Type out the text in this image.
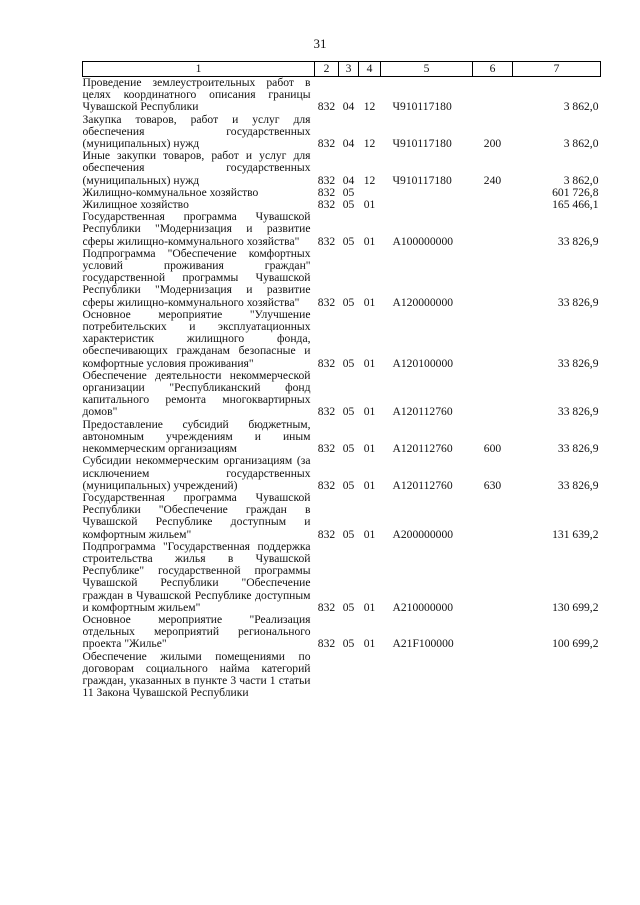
31
1	2	3	4	5	6	7
Проведение землеустроительных работ в целях координатного описания границы Чувашской Республики	832	04	12	Ч910117180		3 862,0
Закупка товаров, работ и услуг для обеспечения государственных (муниципальных) нужд	832	04	12	Ч910117180	200	3 862,0
Иные закупки товаров, работ и услуг для обеспечения государственных (муниципальных) нужд	832	04	12	Ч910117180	240	3 862,0
Жилищно-коммунальное хозяйство	832	05				601 726,8
Жилищное хозяйство	832	05	01			165 466,1
Государственная программа Чувашской Республики "Модернизация и развитие сферы жилищно-коммунального хозяйства"	832	05	01	А100000000		33 826,9
Подпрограмма "Обеспечение комфортных условий проживания граждан" государственной программы Чувашской Республики "Модернизация и развитие сферы жилищно-коммунального хозяйства"	832	05	01	А120000000		33 826,9
Основное мероприятие "Улучшение потребительских и эксплуатационных характеристик жилищного фонда, обеспечивающих гражданам безопасные и комфортные условия проживания"	832	05	01	А120100000		33 826,9
Обеспечение деятельности некоммерческой организации "Республиканский фонд капитального ремонта многоквартирных домов"	832	05	01	А120112760		33 826,9
Предоставление субсидий бюджетным, автономным учреждениям и иным некоммерческим организациям	832	05	01	А120112760	600	33 826,9
Субсидии некоммерческим организациям (за исключением государственных (муниципальных) учреждений)	832	05	01	А120112760	630	33 826,9
Государственная программа Чувашской Республики "Обеспечение граждан в Чувашской Республике доступным и комфортным жильем"	832	05	01	А200000000		131 639,2
Подпрограмма "Государственная поддержка строительства жилья в Чувашской Республике" государственной программы Чувашской Республики "Обеспечение граждан в Чувашской Республике доступным и комфортным жильем"	832	05	01	А210000000		130 699,2
Основное мероприятие "Реализация отдельных мероприятий регионального проекта "Жилье"	832	05	01	А21F100000		100 699,2
Обеспечение жилыми помещениями по договорам социального найма категорий граждан, указанных в пункте 3 части 1 статьи 11 Закона Чувашской Республики						
